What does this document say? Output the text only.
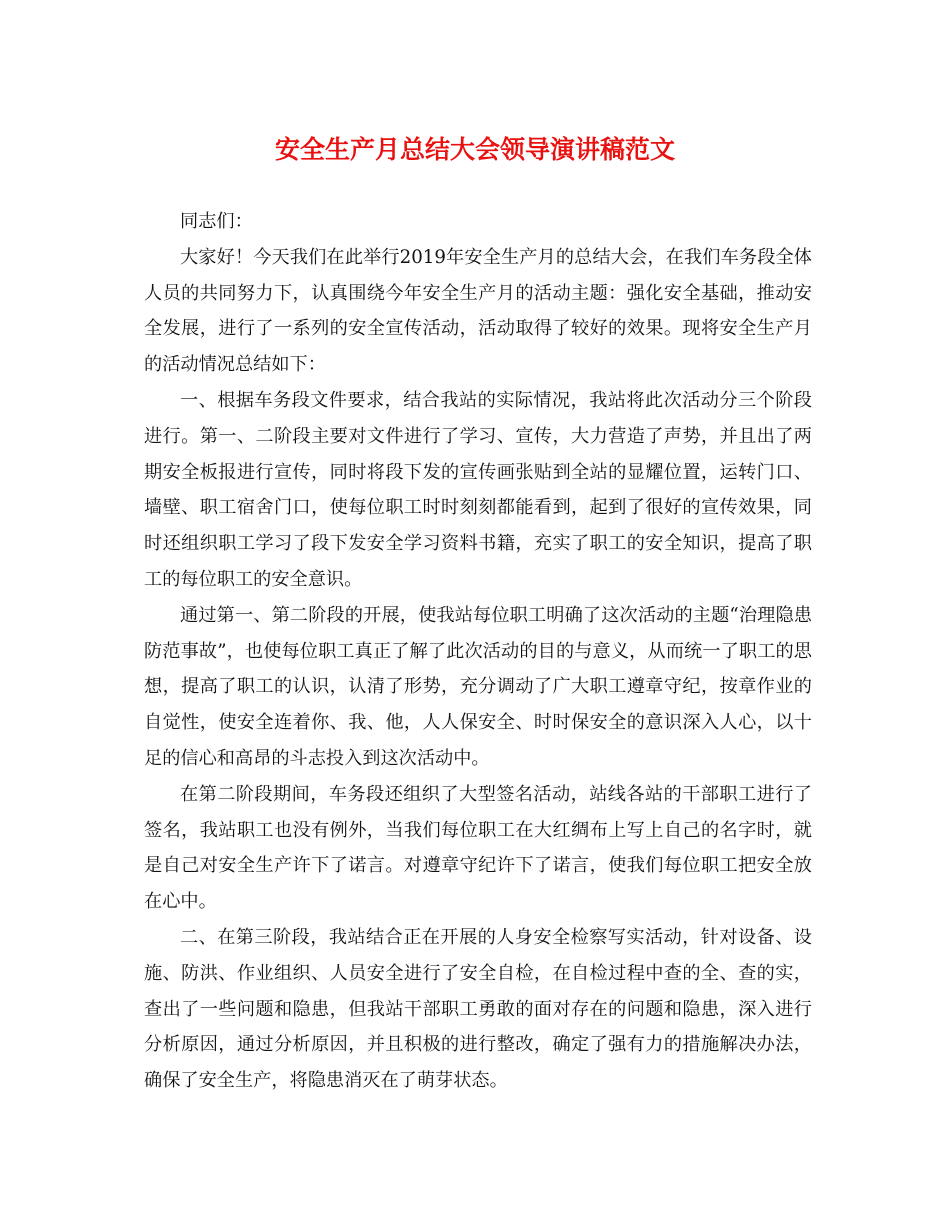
安全生产月总结大会领导演讲稿范文

同志们：

大家好！今天我们在此举行2019年安全生产月的总结大会，在我们车务段全体人员的共同努力下，认真围绕今年安全生产月的活动主题：强化安全基础，推动安全发展，进行了一系列的安全宣传活动，活动取得了较好的效果。现将安全生产月的活动情况总结如下：

一、根据车务段文件要求，结合我站的实际情况，我站将此次活动分三个阶段进行。第一、二阶段主要对文件进行了学习、宣传，大力营造了声势，并且出了两期安全板报进行宣传，同时将段下发的宣传画张贴到全站的显耀位置，运转门口、墙壁、职工宿舍门口，使每位职工时时刻刻都能看到，起到了很好的宣传效果，同时还组织职工学习了段下发安全学习资料书籍，充实了职工的安全知识，提高了职工的每位职工的安全意识。

通过第一、第二阶段的开展，使我站每位职工明确了这次活动的主题“治理隐患 防范事故”，也使每位职工真正了解了此次活动的目的与意义，从而统一了职工的思想，提高了职工的认识，认清了形势，充分调动了广大职工遵章守纪，按章作业的自觉性，使安全连着你、我、他，人人保安全、时时保安全的意识深入人心，以十足的信心和高昂的斗志投入到这次活动中。

在第二阶段期间，车务段还组织了大型签名活动，站线各站的干部职工进行了签名，我站职工也没有例外，当我们每位职工在大红绸布上写上自己的名字时，就是自己对安全生产许下了诺言。对遵章守纪许下了诺言，使我们每位职工把安全放在心中。

二、在第三阶段，我站结合正在开展的人身安全检察写实活动，针对设备、设施、防洪、作业组织、人员安全进行了安全自检，在自检过程中查的全、查的实，查出了一些问题和隐患，但我站干部职工勇敢的面对存在的问题和隐患，深入进行分析原因，通过分析原因，并且积极的进行整改，确定了强有力的措施解决办法，确保了安全生产，将隐患消灭在了萌芽状态。
